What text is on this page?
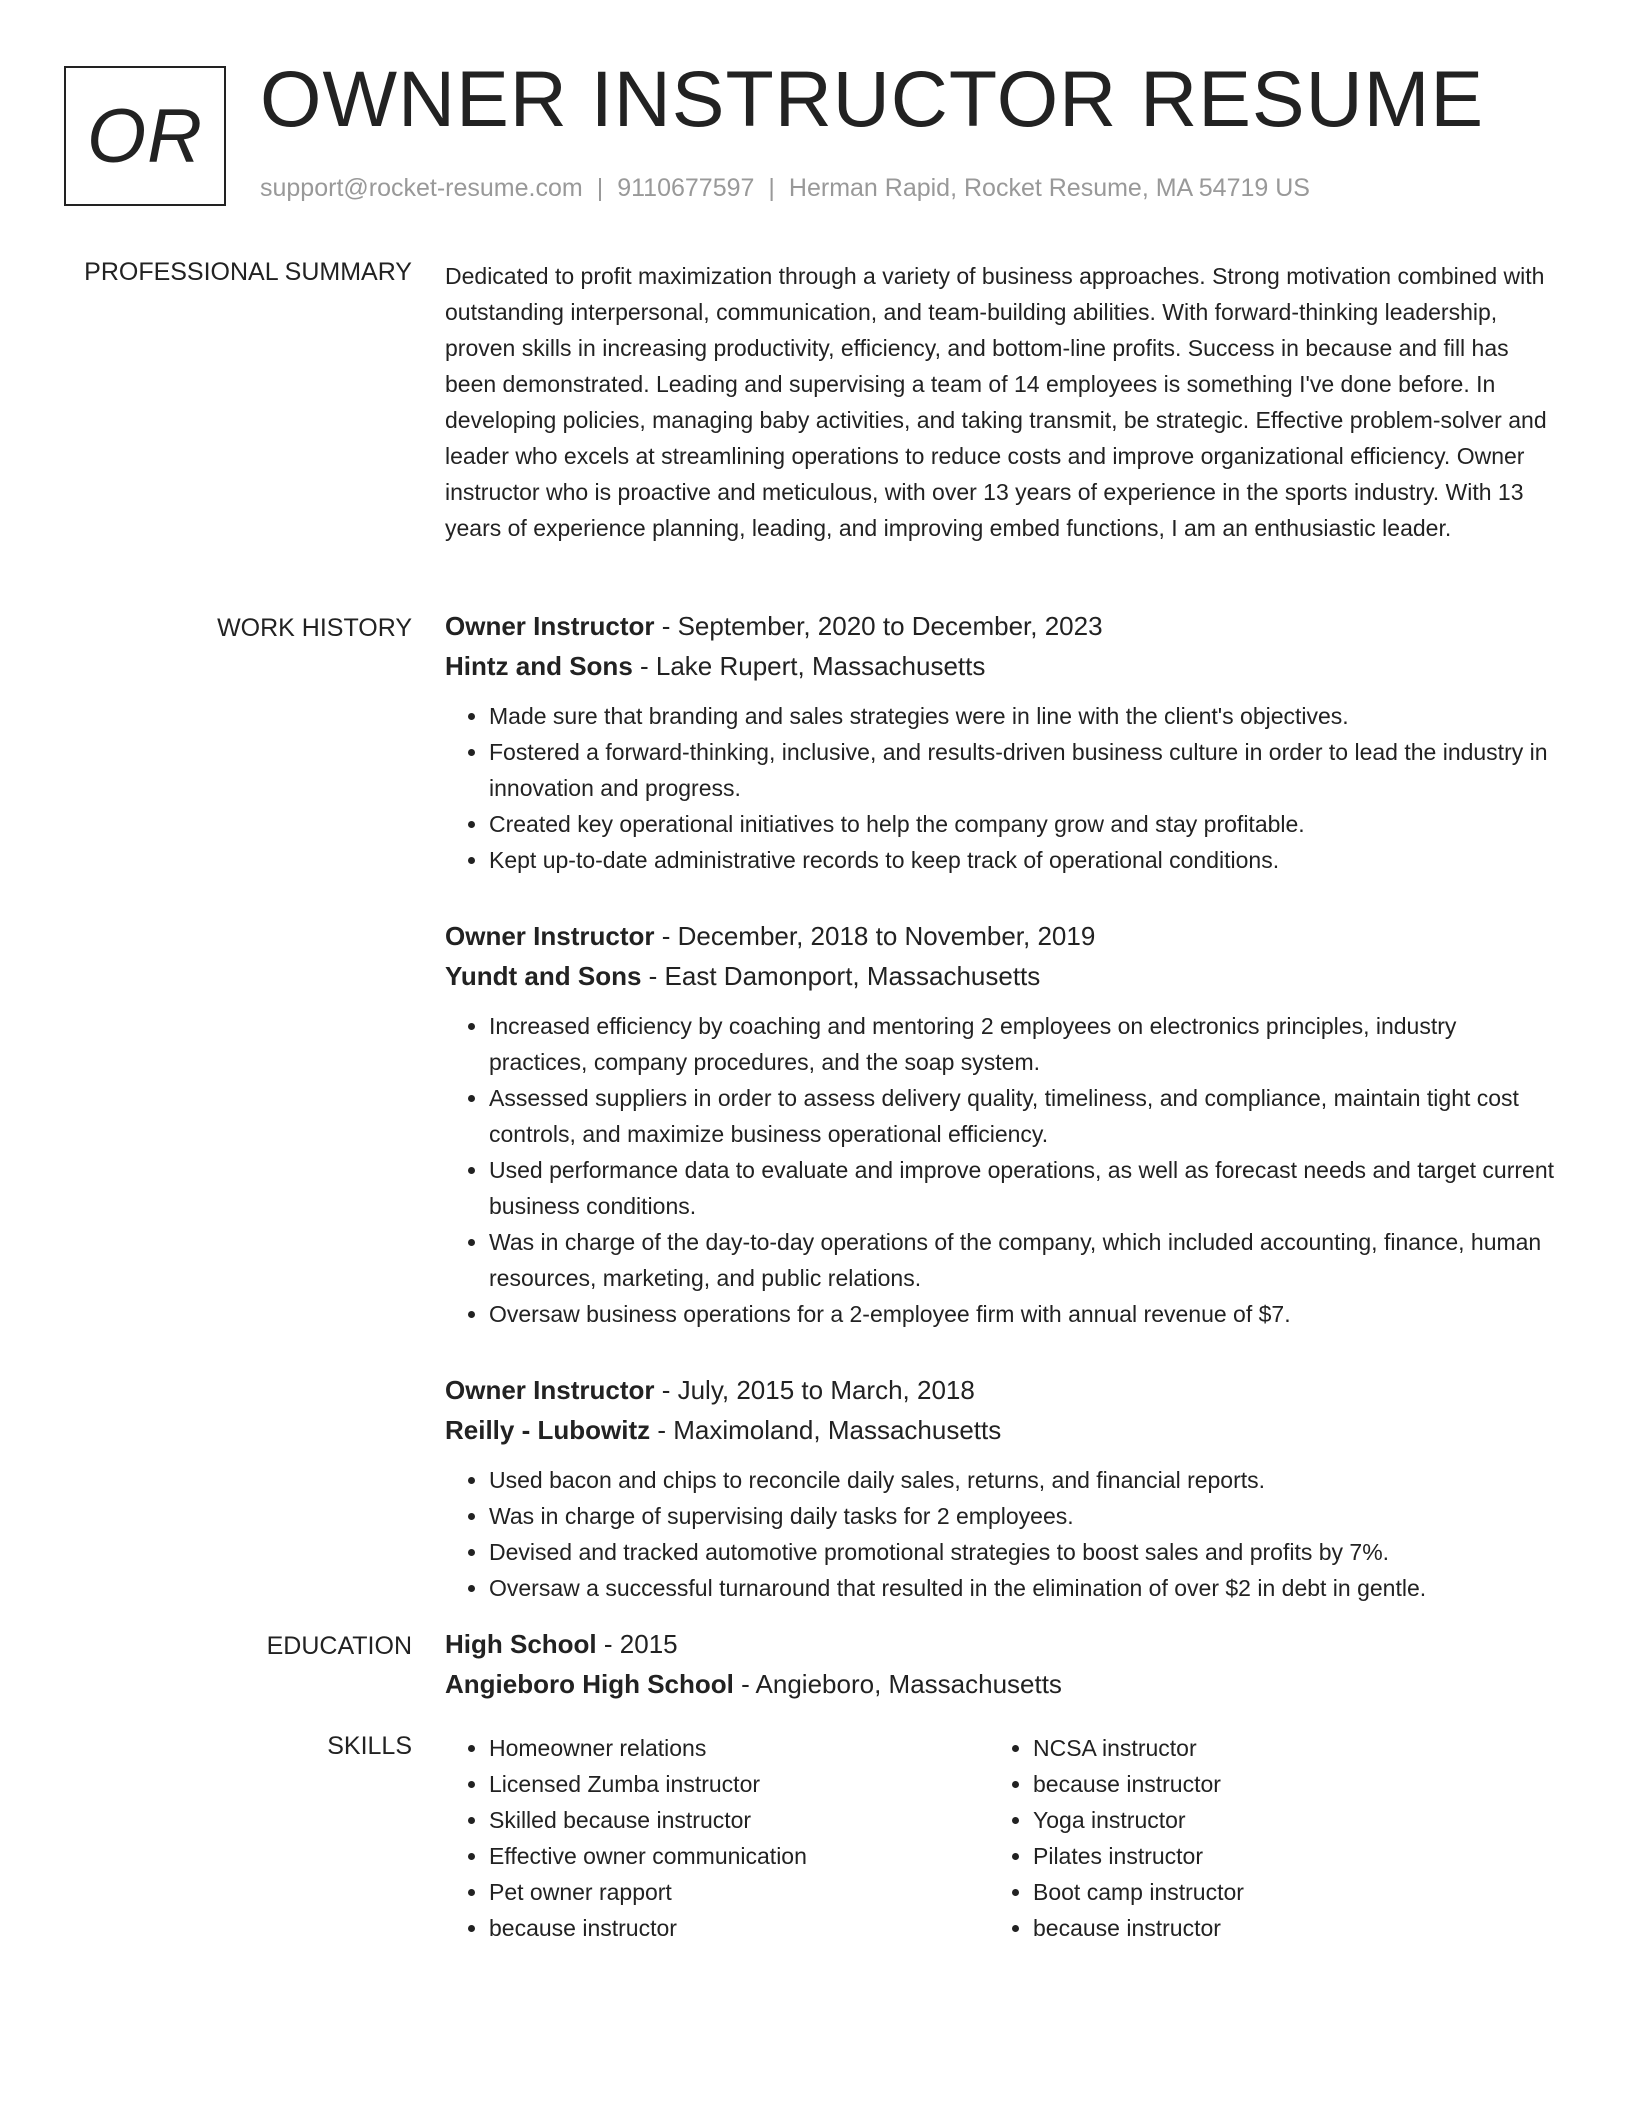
OR OWNER INSTRUCTOR RESUME
support@rocket-resume.com | 9110677597 | Herman Rapid, Rocket Resume, MA 54719 US
PROFESSIONAL SUMMARY Dedicated to profit maximization through a variety of business approaches. Strong motivation combined with outstanding interpersonal, communication, and team-building abilities. With forward-thinking leadership, proven skills in increasing productivity, efficiency, and bottom-line profits. Success in because and fill has been demonstrated. Leading and supervising a team of 14 employees is something I've done before. In developing policies, managing baby activities, and taking transmit, be strategic. Effective problem-solver and leader who excels at streamlining operations to reduce costs and improve organizational efficiency. Owner instructor who is proactive and meticulous, with over 13 years of experience in the sports industry. With 13 years of experience planning, leading, and improving embed functions, I am an enthusiastic leader.

WORK HISTORY Owner Instructor - September, 2020 to December, 2023

Hintz and Sons - Lake Rupert, Massachusetts

• Made sure that branding and sales strategies were in line with the client's objectives.
• Fostered a forward-thinking, inclusive, and results-driven business culture in order to lead the industry in innovation and progress.
• Created key operational initiatives to help the company grow and stay profitable.
• Kept up-to-date administrative records to keep track of operational conditions.

Owner Instructor - December, 2018 to November, 2019

Yundt and Sons - East Damonport, Massachusetts

• Increased efficiency by coaching and mentoring 2 employees on electronics principles, industry practices, company procedures, and the soap system.
• Assessed suppliers in order to assess delivery quality, timeliness, and compliance, maintain tight cost controls, and maximize business operational efficiency.
• Used performance data to evaluate and improve operations, as well as forecast needs and target current business conditions.
• Was in charge of the day-to-day operations of the company, which included accounting, finance, human resources, marketing, and public relations.
• Oversaw business operations for a 2-employee firm with annual revenue of $7.

Owner Instructor - July, 2015 to March, 2018

Reilly - Lubowitz - Maximoland, Massachusetts

• Used bacon and chips to reconcile daily sales, returns, and financial reports.
• Was in charge of supervising daily tasks for 2 employees.
• Devised and tracked automotive promotional strategies to boost sales and profits by 7%.
• Oversaw a successful turnaround that resulted in the elimination of over $2 in debt in gentle.
EDUCATION High School - 2015

Angieboro High School - Angieboro, Massachusetts

SKILLS
•	Homeowner relations
• Licensed Zumba instructor
• Skilled because instructor
• Effective owner communication
• Pet owner rapport
• because instructor
• NCSA instructor
• because instructor
• Yoga instructor
• Pilates instructor
• Boot camp instructor
• because instructor
